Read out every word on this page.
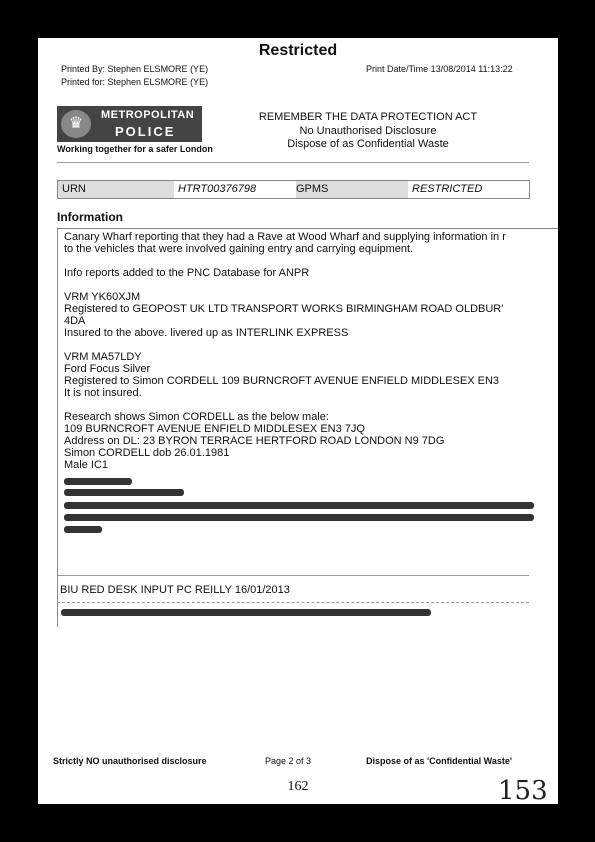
Restricted
Printed By: Stephen ELSMORE (YE)
Printed for: Stephen ELSMORE (YE)
Print Date/Time 13/08/2014 11:13:22
♛	METROPOLITAN
POLICE
Working together for a safer London
REMEMBER THE DATA PROTECTION ACT
No Unauthorised Disclosure
Dispose of as Confidential Waste
URN	HTRT00376798	GPMS	RESTRICTED
Information
Canary Wharf reporting that they had a Rave at Wood Wharf and supplying information in r
to the vehicles that were involved gaining entry and carrying equipment.
Info reports added to the PNC Database for ANPR
VRM YK60XJM
Registered to GEOPOST UK LTD TRANSPORT WORKS BIRMINGHAM ROAD OLDBUR'
4DA
Insured to the above. livered up as INTERLINK EXPRESS
VRM MA57LDY
Ford Focus Silver
Registered to Simon CORDELL 109 BURNCROFT AVENUE ENFIELD MIDDLESEX EN3
It is not insured.
Research shows Simon CORDELL as the below male:
109 BURNCROFT AVENUE ENFIELD MIDDLESEX EN3 7JQ
Address on DL: 23 BYRON TERRACE HERTFORD ROAD LONDON N9 7DG
Simon CORDELL dob 26.01.1981
Male IC1
BIU RED DESK INPUT PC REILLY 16/01/2013
Strictly NO unauthorised disclosure	Page 2 of 3	Dispose of as 'Confidential Waste'
162	153
